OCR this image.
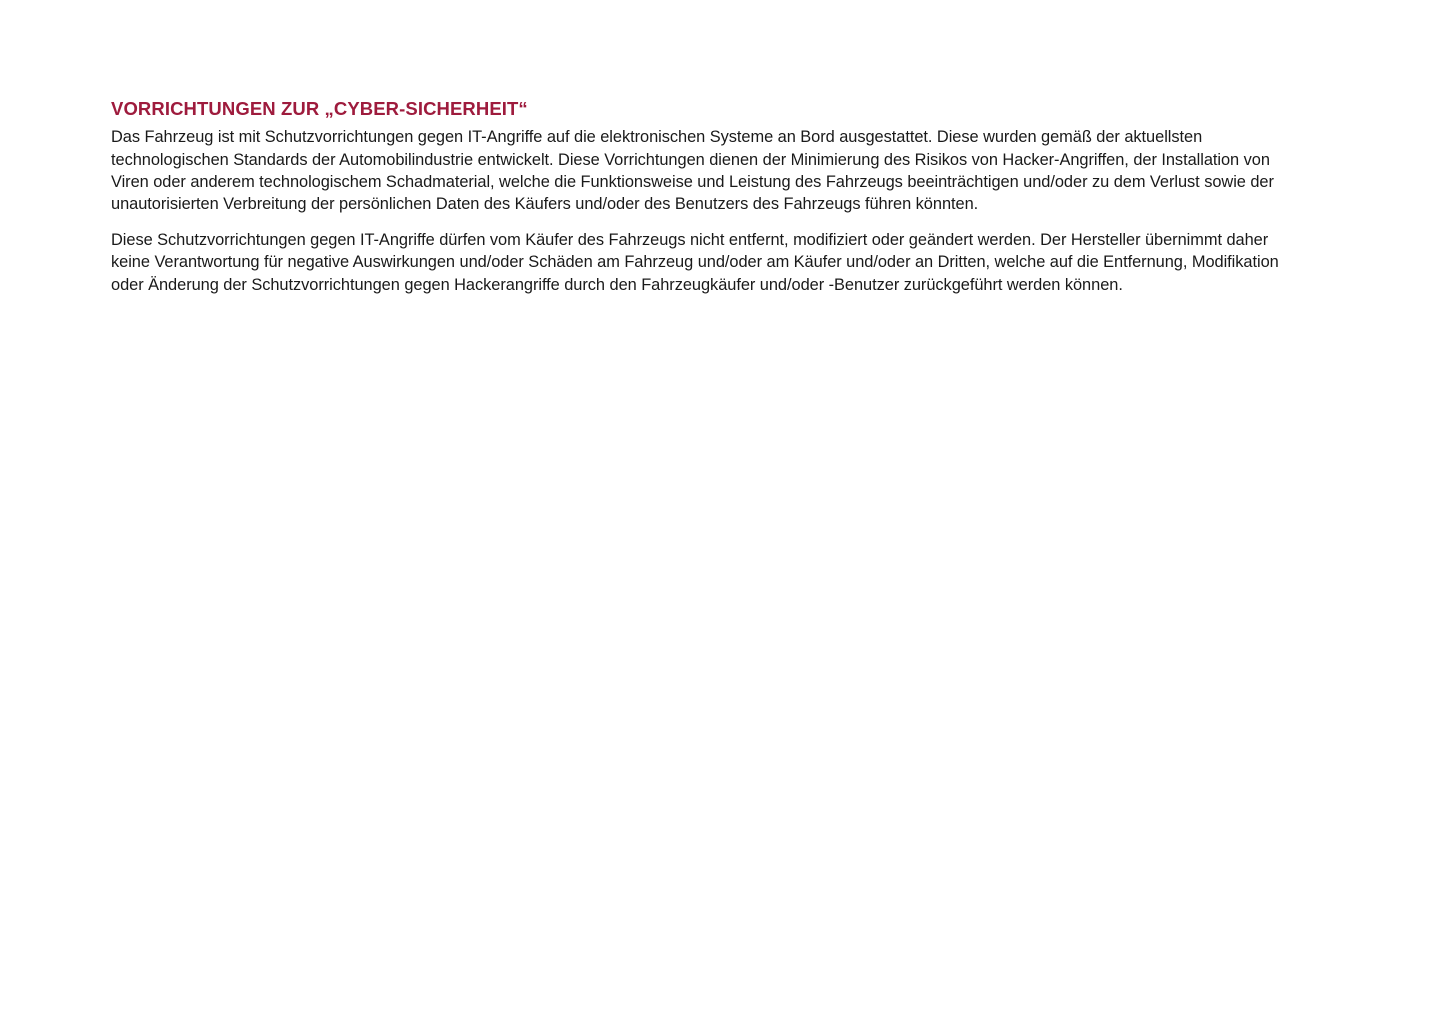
VORRICHTUNGEN ZUR „CYBER-SICHERHEIT“

Das Fahrzeug ist mit Schutzvorrichtungen gegen IT-Angriffe auf die elektronischen Systeme an Bord ausgestattet. Diese wurden gemäß der aktuellsten technologischen Standards der Automobilindustrie entwickelt. Diese Vorrichtungen dienen der Minimierung des Risikos von Hacker-Angriffen, der Installation von Viren oder anderem technologischem Schadmaterial, welche die Funktionsweise und Leistung des Fahrzeugs beeinträchtigen und/oder zu dem Verlust sowie der unautorisierten Verbreitung der persönlichen Daten des Käufers und/oder des Benutzers des Fahrzeugs führen könnten.

Diese Schutzvorrichtungen gegen IT-Angriffe dürfen vom Käufer des Fahrzeugs nicht entfernt, modifiziert oder geändert werden. Der Hersteller übernimmt daher keine Verantwortung für negative Auswirkungen und/oder Schäden am Fahrzeug und/oder am Käufer und/oder an Dritten, welche auf die Entfernung, Modifikation oder Änderung der Schutzvorrichtungen gegen Hackerangriffe durch den Fahrzeugkäufer und/oder -Benutzer zurückgeführt werden können.
